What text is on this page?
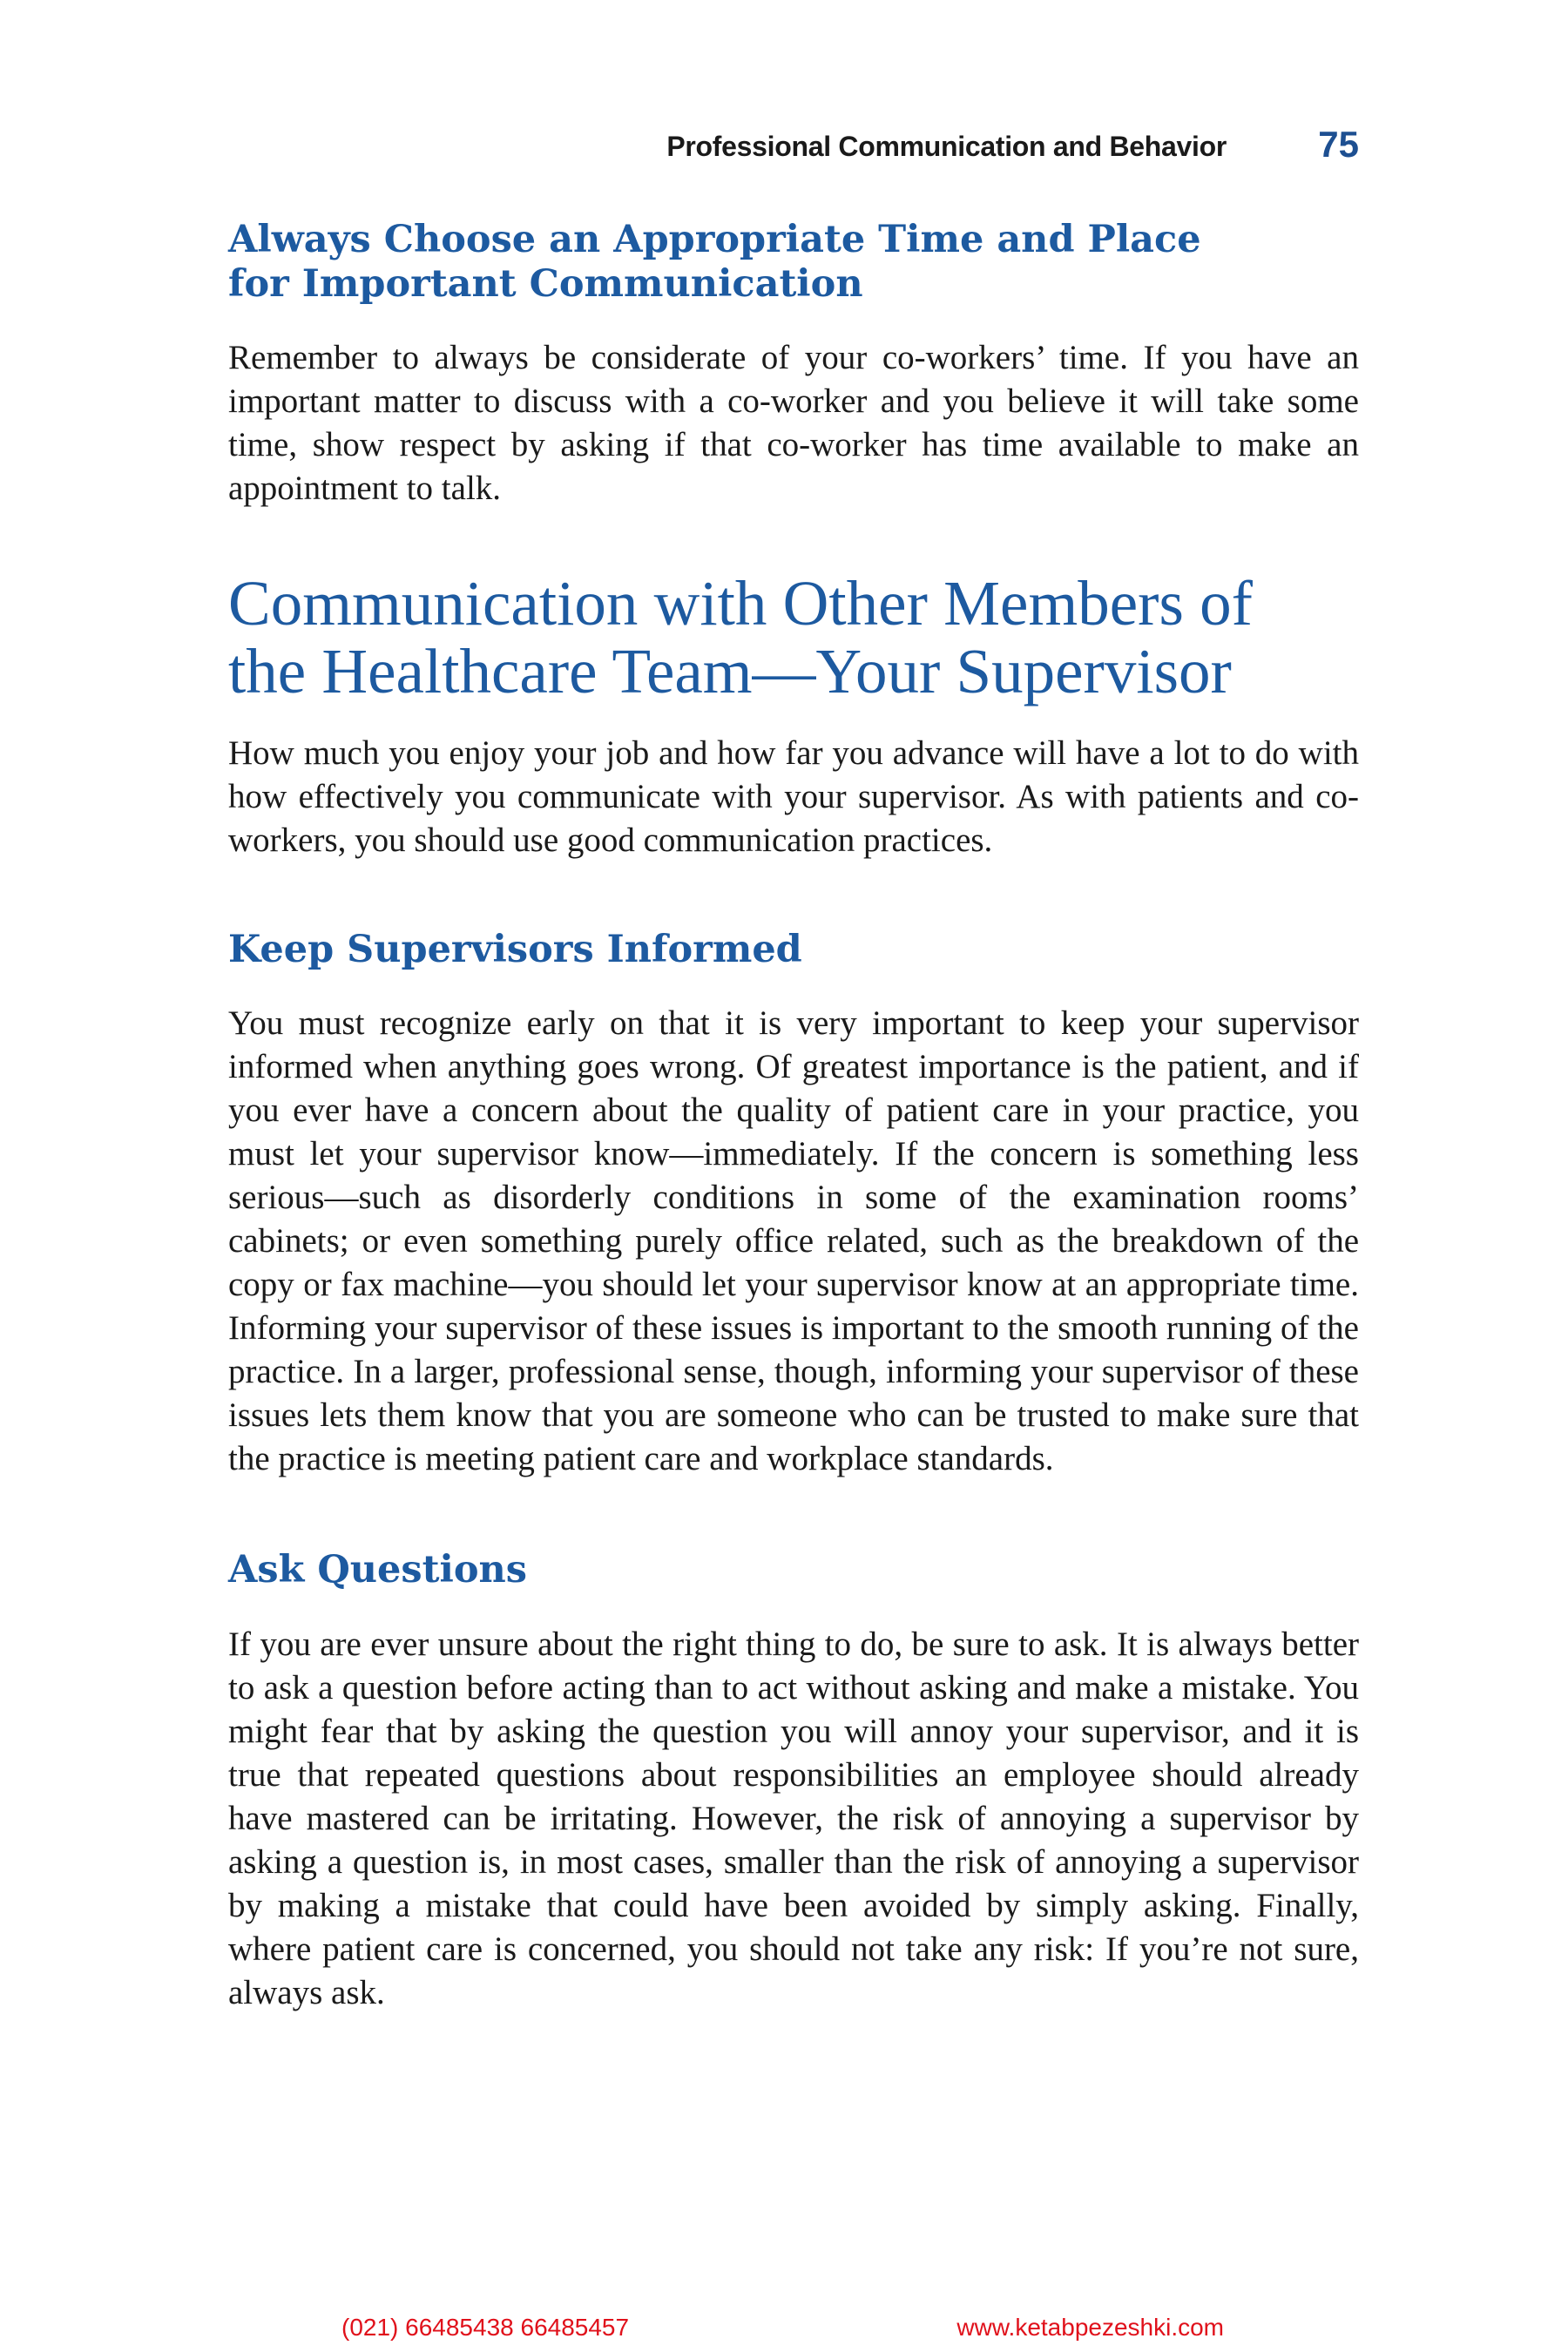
Professional Communication and Behavior	75
Always Choose an Appropriate Time and Place
for Important Communication

Remember to always be considerate of your co-workers’ time. If you have an important matter to discuss with a co-worker and you believe it will take some time, show respect by asking if that co-worker has time available to make an appointment to talk.

Communication with Other Members of
the Healthcare Team—Your Supervisor

How much you enjoy your job and how far you advance will have a lot to do with how effectively you communicate with your supervisor. As with patients and co-workers, you should use good communication practices.

Keep Supervisors Informed

You must recognize early on that it is very important to keep your supervisor informed when anything goes wrong. Of greatest importance is the patient, and if you ever have a concern about the quality of patient care in your practice, you must let your supervisor know—immediately. If the concern is something less serious—such as disorderly conditions in some of the examination rooms’ cabinets; or even something purely office related, such as the breakdown of the copy or fax machine—you should let your supervisor know at an appropriate time. Informing your supervisor of these issues is important to the smooth running of the practice. In a larger, professional sense, though, informing your supervisor of these issues lets them know that you are someone who can be trusted to make sure that the practice is meeting patient care and workplace standards.

Ask Questions

If you are ever unsure about the right thing to do, be sure to ask. It is always better to ask a question before acting than to act without asking and make a mistake. You might fear that by asking the question you will annoy your supervisor, and it is true that repeated questions about responsibilities an employee should already have mastered can be irritating. However, the risk of annoying a supervisor by asking a question is, in most cases, smaller than the risk of annoying a supervisor by making a mistake that could have been avoided by simply asking. Finally, where patient care is concerned, you should not take any risk: If you’re not sure, always ask.

(021) 66485438 66485457	www.ketabpezeshki.com
